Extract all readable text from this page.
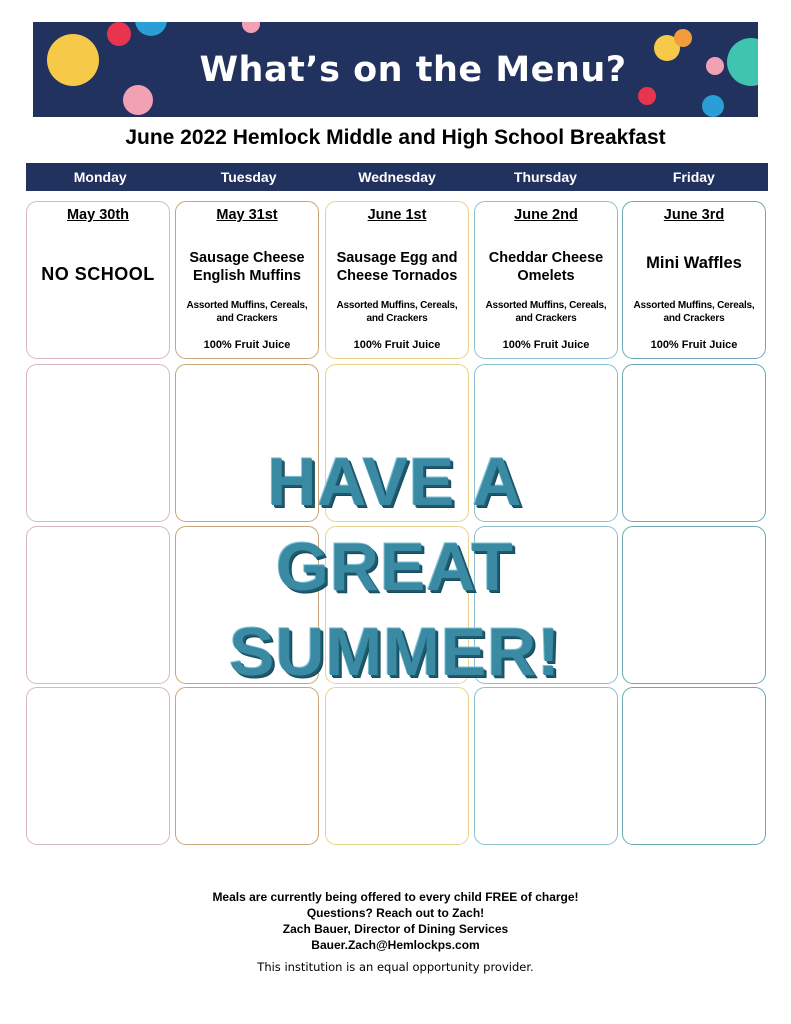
What’s on the Menu?
June 2022 Hemlock Middle and High School Breakfast
Monday	Tuesday	Wednesday	Thursday	Friday
May 30th
NO SCHOOL
May 31st
Sausage Cheese
English Muffins
Assorted Muffins, Cereals,
and Crackers
100% Fruit Juice
June 1st
Sausage Egg and
Cheese Tornados
Assorted Muffins, Cereals,
and Crackers
100% Fruit Juice
June 2nd
Cheddar Cheese
Omelets
Assorted Muffins, Cereals,
and Crackers
100% Fruit Juice
June 3rd
Mini Waffles
Assorted Muffins, Cereals,
and Crackers
100% Fruit Juice
HAVE A
GREAT
SUMMER!
Meals are currently being offered to every child FREE of charge!
Questions? Reach out to Zach!
Zach Bauer, Director of Dining Services
Bauer.Zach@Hemlockps.com
This institution is an equal opportunity provider.
